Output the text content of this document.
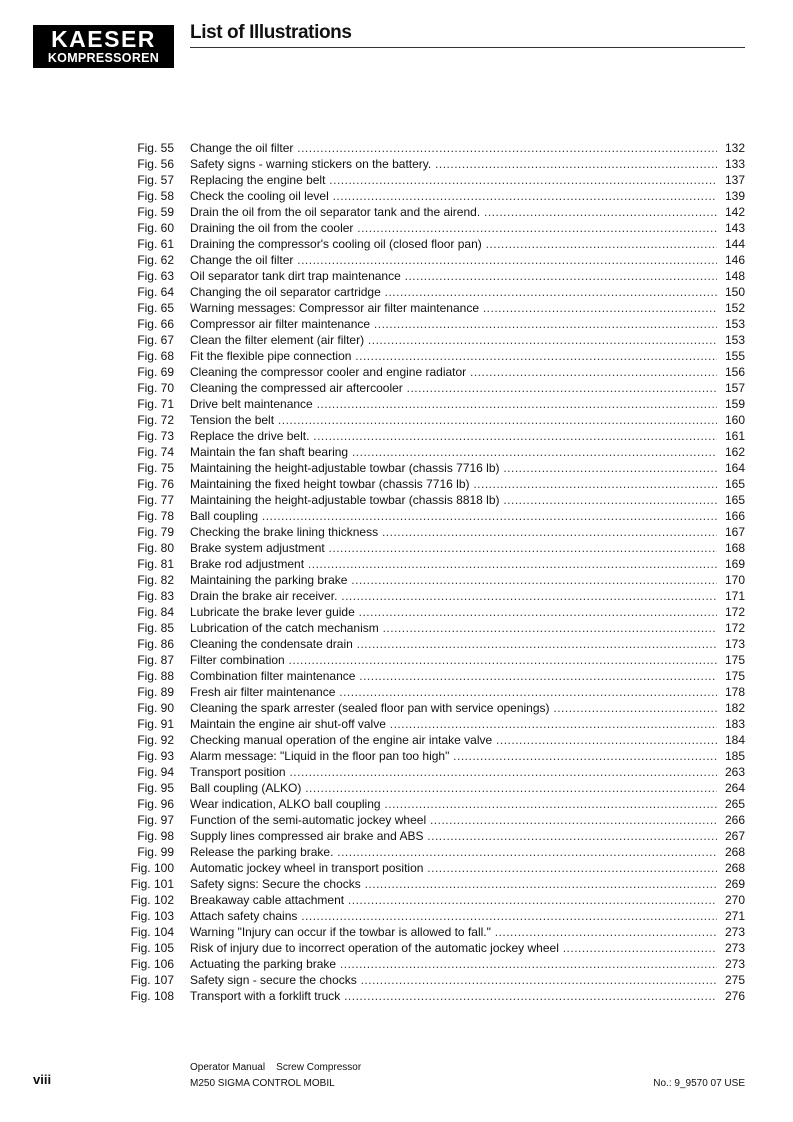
KAESER
KOMPRESSOREN
List of Illustrations
Fig. 55 Change the oil filter .....	132
Fig. 56 Safety signs - warning stickers on the battery. .....	133
Fig. 57 Replacing the engine belt .....	137
Fig. 58 Check the cooling oil level .....	139
Fig. 59 Drain the oil from the oil separator tank and the airend. .....	142
Fig. 60 Draining the oil from the cooler .....	143
Fig. 61 Draining the compressor's cooling oil (closed floor pan) .....	144
Fig. 62 Change the oil filter .....	146
Fig. 63 Oil separator tank dirt trap maintenance .....	148
Fig. 64 Changing the oil separator cartridge .....	150
Fig. 65 Warning messages: Compressor air filter maintenance .....	152
Fig. 66 Compressor air filter maintenance .....	153
Fig. 67 Clean the filter element (air filter) .....	153
Fig. 68 Fit the flexible pipe connection .....	155
Fig. 69 Cleaning the compressor cooler and engine radiator .....	156
Fig. 70 Cleaning the compressed air aftercooler .....	157
Fig. 71 Drive belt maintenance .....	159
Fig. 72 Tension the belt .....	160
Fig. 73 Replace the drive belt. .....	161
Fig. 74 Maintain the fan shaft bearing .....	162
Fig. 75 Maintaining the height-adjustable towbar (chassis 7716 lb) .....	164
Fig. 76 Maintaining the fixed height towbar (chassis 7716 lb) .....	165
Fig. 77 Maintaining the height-adjustable towbar (chassis 8818 lb) .....	165
Fig. 78 Ball coupling .....	166
Fig. 79 Checking the brake lining thickness .....	167
Fig. 80 Brake system adjustment .....	168
Fig. 81 Brake rod adjustment .....	169
Fig. 82 Maintaining the parking brake .....	170
Fig. 83 Drain the brake air receiver. .....	171
Fig. 84 Lubricate the brake lever guide .....	172
Fig. 85 Lubrication of the catch mechanism .....	172
Fig. 86 Cleaning the condensate drain .....	173
Fig. 87 Filter combination .....	175
Fig. 88 Combination filter maintenance .....	175
Fig. 89 Fresh air filter maintenance .....	178
Fig. 90 Cleaning the spark arrester (sealed floor pan with service openings) .....	182
Fig. 91 Maintain the engine air shut-off valve .....	183
Fig. 92 Checking manual operation of the engine air intake valve .....	184
Fig. 93 Alarm message: "Liquid in the floor pan too high" .....	185
Fig. 94 Transport position .....	263
Fig. 95 Ball coupling (ALKO) .....	264
Fig. 96 Wear indication, ALKO ball coupling .....	265
Fig. 97 Function of the semi-automatic jockey wheel .....	266
Fig. 98 Supply lines compressed air brake and ABS .....	267
Fig. 99 Release the parking brake. .....	268
Fig. 100 Automatic jockey wheel in transport position .....	268
Fig. 101 Safety signs: Secure the chocks .....	269
Fig. 102 Breakaway cable attachment .....	270
Fig. 103 Attach safety chains .....	271
Fig. 104 Warning "Injury can occur if the towbar is allowed to fall." .....	273
Fig. 105 Risk of injury due to incorrect operation of the automatic jockey wheel .....	273
Fig. 106 Actuating the parking brake .....	273
Fig. 107 Safety sign - secure the chocks .....	275
Fig. 108 Transport with a forklift truck .....	276
viii
Operator Manual Screw Compressor
M250 SIGMA CONTROL MOBIL	No.: 9_9570 07 USE
